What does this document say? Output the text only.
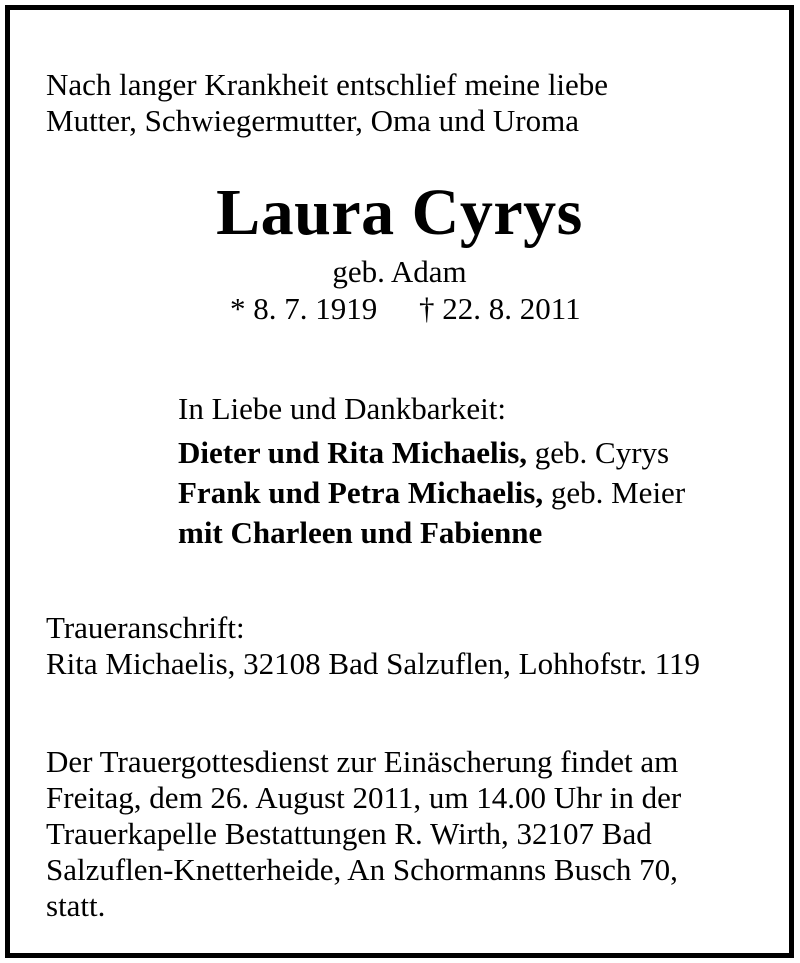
Nach langer Krankheit entschlief meine liebe
Mutter, Schwiegermutter, Oma und Uroma
Laura Cyrys
geb. Adam
* 8. 7. 1919 † 22. 8. 2011
In Liebe und Dankbarkeit:
Dieter und Rita Michaelis, geb. Cyrys
Frank und Petra Michaelis, geb. Meier
mit Charleen und Fabienne
Traueranschrift:
Rita Michaelis, 32108 Bad Salzuflen, Lohhofstr. 119
Der Trauergottesdienst zur Einäscherung findet am
Freitag, dem 26. August 2011, um 14.00 Uhr in der
Trauerkapelle Bestattungen R. Wirth, 32107 Bad
Salzuflen-Knetterheide, An Schormanns Busch 70,
statt.
